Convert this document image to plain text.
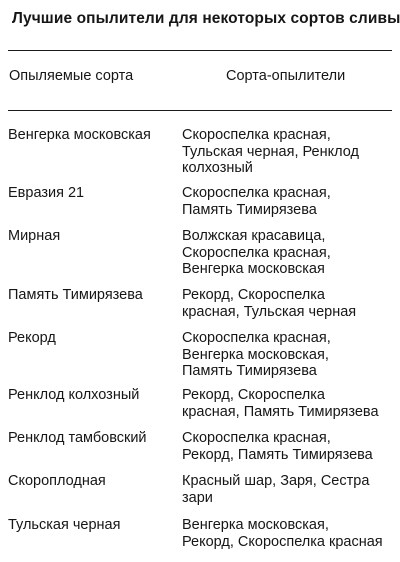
Лучшие опылители для некоторых сортов сливы
Опыляемые сорта	Сорта-опылители
Венгерка московская	Скороспелка красная,
Тульская черная, Ренклод
колхозный
Евразия 21	Скороспелка красная,
Память Тимирязева
Мирная	Волжская красавица,
Скороспелка красная,
Венгерка московская
Память Тимирязева	Рекорд, Скороспелка
красная, Тульская черная
Рекорд	Скороспелка красная,
Венгерка московская,
Память Тимирязева
Ренклод колхозный	Рекорд, Скороспелка
красная, Память Тимирязева
Ренклод тамбовский	Скороспелка красная,
Рекорд, Память Тимирязева
Скороплодная	Красный шар, Заря, Сестра
зари
Тульская черная	Венгерка московская,
Рекорд, Скороспелка красная
